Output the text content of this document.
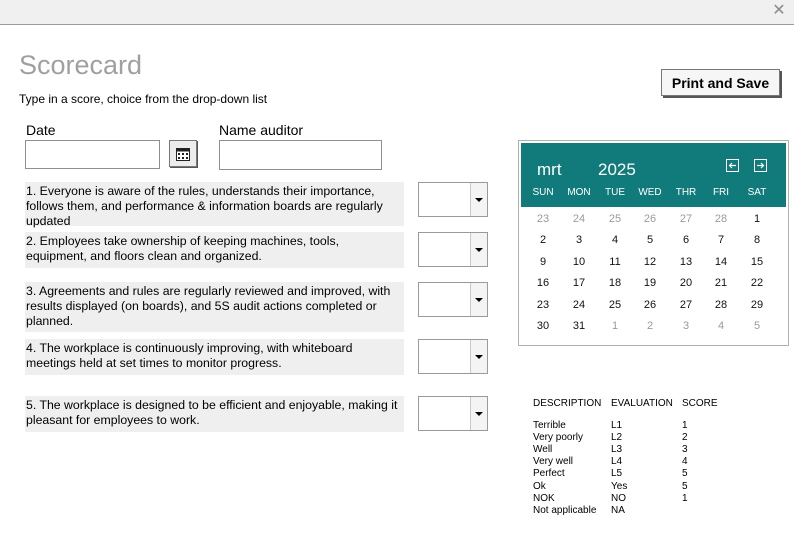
✕
Scorecard
Type in a score, choice from the drop-down list
Print and Save
Date	Name auditor
1. Everyone is aware of the rules, understands their importance, follows them, and performance & information boards are regularly updated
2. Employees take ownership of keeping machines, tools, equipment, and floors clean and organized.
3. Agreements and rules are regularly reviewed and improved, with results displayed (on boards), and 5S audit actions completed or planned.
4. The workplace is continuously improving, with whiteboard meetings held at set times to monitor progress.
5. The workplace is designed to be efficient and enjoyable, making it pleasant for employees to work.
mrt 2025
SUN	MON	TUE	WED	THR	FRI	SAT
23	24	25	26	27	28	1
2	3	4	5	6	7	8
9	10	11	12	13	14	15
16	17	18	19	20	21	22
23	24	25	26	27	28	29
30	31	1	2	3	4	5
DESCRIPTION EVALUATION SCORE
Terrible	L1	1
Very poorly	L2	2
Well	L3	3
Very well	L4	4
Perfect	L5	5
Ok	Yes	5
NOK	NO	1
Not applicable NA
